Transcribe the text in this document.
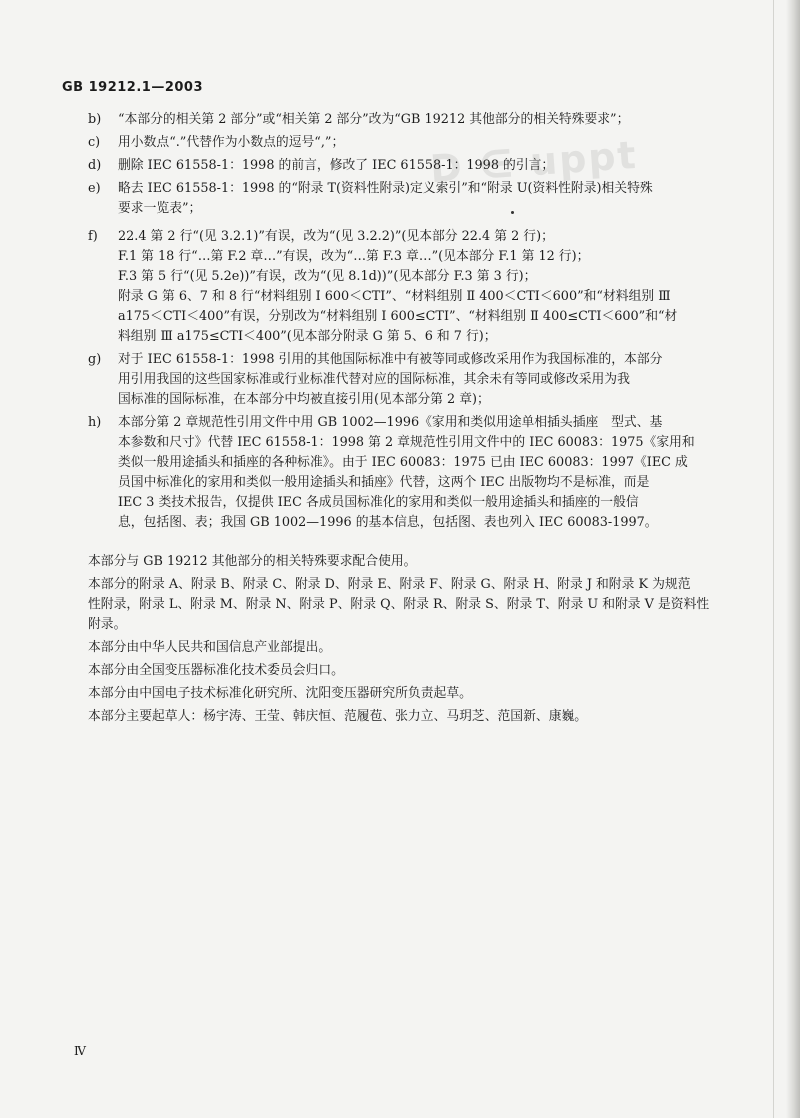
D ∈ uppt
GB 19212.1—2003
b) “本部分的相关第 2 部分”或“相关第 2 部分”改为“GB 19212 其他部分的相关特殊要求”；
c) 用小数点“.”代替作为小数点的逗号“,”；
d) 删除 IEC 61558-1：1998 的前言，修改了 IEC 61558-1：1998 的引言；
e) 略去 IEC 61558-1：1998 的“附录 T(资料性附录)定义索引”和“附录 U(资料性附录)相关特殊
要求一览表”；
f) 22.4 第 2 行“(见 3.2.1)”有误，改为“(见 3.2.2)”(见本部分 22.4 第 2 行)；
F.1 第 18 行“…第 F.2 章…”有误，改为“…第 F.3 章…”(见本部分 F.1 第 12 行)；
F.3 第 5 行“(见 5.2e))”有误，改为“(见 8.1d))”(见本部分 F.3 第 3 行)；
附录 G 第 6、7 和 8 行“材料组别 Ⅰ 600＜CTI”、“材料组别 Ⅱ 400＜CTI＜600”和“材料组别 Ⅲ
a175＜CTI＜400”有误，分别改为“材料组别 Ⅰ 600≤CTI”、“材料组别 Ⅱ 400≤CTI＜600”和“材
料组别 Ⅲ a175≤CTI＜400”(见本部分附录 G 第 5、6 和 7 行)；
g) 对于 IEC 61558-1：1998 引用的其他国际标准中有被等同或修改采用作为我国标准的，本部分
用引用我国的这些国家标准或行业标准代替对应的国际标准，其余未有等同或修改采用为我
国标准的国际标准，在本部分中均被直接引用(见本部分第 2 章)；
h) 本部分第 2 章规范性引用文件中用 GB 1002—1996《家用和类似用途单相插头插座　型式、基
本参数和尺寸》代替 IEC 61558-1：1998 第 2 章规范性引用文件中的 IEC 60083：1975《家用和
类似一般用途插头和插座的各种标准》。由于 IEC 60083：1975 已由 IEC 60083：1997《IEC 成
员国中标准化的家用和类似一般用途插头和插座》代替，这两个 IEC 出版物均不是标准，而是
IEC 3 类技术报告，仅提供 IEC 各成员国标准化的家用和类似一般用途插头和插座的一般信
息，包括图、表；我国 GB 1002—1996 的基本信息，包括图、表也列入 IEC 60083-1997。

本部分与 GB 19212 其他部分的相关特殊要求配合使用。

本部分的附录 A、附录 B、附录 C、附录 D、附录 E、附录 F、附录 G、附录 H、附录 J 和附录 K 为规范
性附录，附录 L、附录 M、附录 N、附录 P、附录 Q、附录 R、附录 S、附录 T、附录 U 和附录 V 是资料性
附录。

本部分由中华人民共和国信息产业部提出。

本部分由全国变压器标准化技术委员会归口。

本部分由中国电子技术标准化研究所、沈阳变压器研究所负责起草。

本部分主要起草人：杨宇涛、王莹、韩庆恒、范履苞、张力立、马玥芝、范国新、康巍。

Ⅳ
